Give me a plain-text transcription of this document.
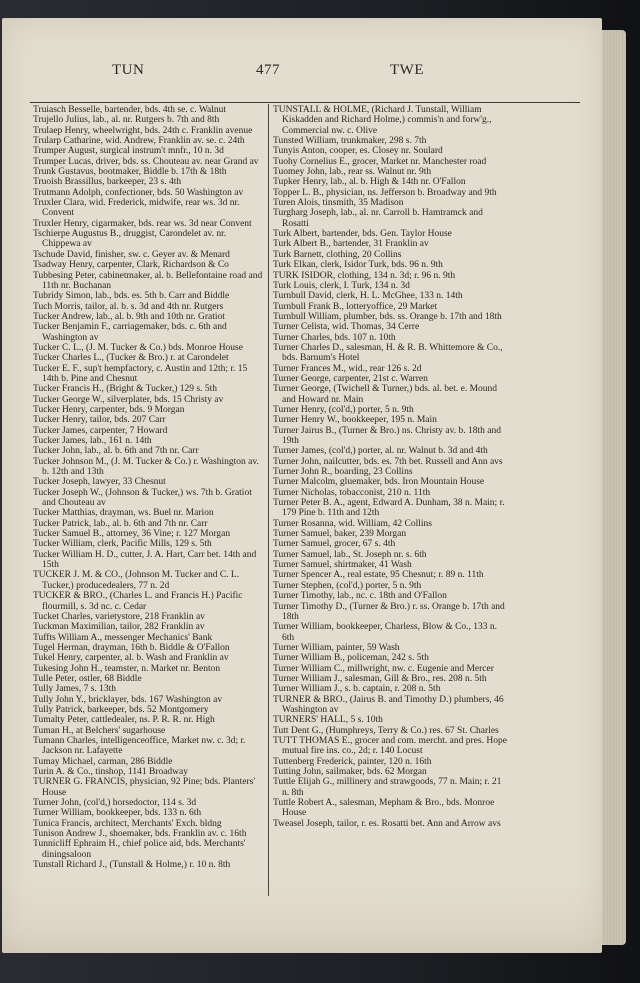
TUN	477	TWE
Truiasch Besselle, bartender, bds. 4th se. c. Walnut
Trujello Julius, lab., al. nr. Rutgers b. 7th and 8th
Trulaep Henry, wheelwright, bds. 24th c. Franklin avenue
Trularp Catharine, wid. Andrew, Franklin av. se. c. 24th
Trumper August, surgical instrum't mnfr., 10 n. 3d
Trumper Lucas, driver, bds. ss. Chouteau av. near Grand av
Trunk Gustavus, bootmaker, Biddle b. 17th & 18th
Truoish Brassillus, barkeeper, 23 s. 4th
Trutmann Adolph, confectioner, bds. 50 Washington av
Truxler Clara, wid. Frederick, midwife, rear ws. 3d nr. Convent
Truxler Henry, cigarmaker, bds. rear ws. 3d near Convent
Tschierpe Augustus B., druggist, Carondelet av. nr. Chippewa av
Tschude David, finisher, sw. c. Geyer av. & Menard
Tsadway Henry, carpenter, Clark, Richardson & Co
Tubbesing Peter, cabinetmaker, al. b. Bellefontaine road and 11th nr. Buchanan
Tubridy Simon, lab., bds. es. 5th b. Carr and Biddle
Tuch Morris, tailor, al. b. s. 3d and 4th nr. Rutgers
Tucker Andrew, lab., al. b. 9th and 10th nr. Gratiot
Tucker Benjamin F., carriagemaker, bds. c. 6th and Washington av
Tucker C. L., (J. M. Tucker & Co.) bds. Monroe House
Tucker Charles L., (Tucker & Bro.) r. at Carondelet
Tucker E. F., sup't hempfactory, c. Austin and 12th; r. 15 14th b. Pine and Chesnut
Tucker Francis H., (Bright & Tucker,) 129 s. 5th
Tucker George W., silverplater, bds. 15 Christy av
Tucker Henry, carpenter, bds. 9 Morgan
Tucker Henry, tailor, bds. 207 Carr
Tucker James, carpenter, 7 Howard
Tucker James, lab., 161 n. 14th
Tucker John, lab., al. b. 6th and 7th nr. Carr
Tucker Johnson M., (J. M. Tucker & Co.) r. Washington av. b. 12th and 13th
Tucker Joseph, lawyer, 33 Chesnut
Tucker Joseph W., (Johnson & Tucker,) ws. 7th b. Gratiot and Chouteau av
Tucker Matthias, drayman, ws. Buel nr. Marion
Tucker Patrick, lab., al. b. 6th and 7th nr. Carr
Tucker Samuel B., attorney, 36 Vine; r. 127 Morgan
Tucker William, clerk, Pacific Mills, 129 s. 5th
Tucker William H. D., cutter, J. A. Hart, Carr bet. 14th and 15th
TUCKER J. M. & CO., (Johnson M. Tucker and C. L. Tucker,) producedealers, 77 n. 2d
TUCKER & BRO., (Charles L. and Francis H.) Pacific flourmill, s. 3d nc. c. Cedar
Tucket Charles, varietystore, 218 Franklin av
Tuckman Maximilian, tailor, 282 Franklin av
Tuffts William A., messenger Mechanics' Bank
Tugel Herman, drayman, 16th b. Biddle & O'Fallon
Tukel Henry, carpenter, al. b. Wash and Franklin av
Tukesing John H., teamster, n. Market nr. Benton
Tulle Peter, ostler, 68 Biddle
Tully James, 7 s. 13th
Tully John Y., bricklayer, bds. 167 Washington av
Tully Patrick, barkeeper, bds. 52 Montgomery
Tumalty Peter, cattledealer, ns. P. R. R. nr. High
Tuman H., at Belchers' sugarhouse
Tumann Charles, intelligenceoffice, Market nw. c. 3d; r. Jackson nr. Lafayette
Tumay Michael, carman, 286 Biddle
Turin A. & Co., tinshop, 1141 Broadway
TURNER G. FRANCIS, physician, 92 Pine; bds. Planters' House
Turner John, (col'd,) horsedoctor, 114 s. 3d
Turner William, bookkeeper, bds. 133 n. 6th
Tunica Francis, architect, Merchants' Exch. bldng
Tunison Andrew J., shoemaker, bds. Franklin av. c. 16th
Tunnicliff Ephraim H., chief police aid, bds. Merchants' diningsaloon
Tunstall Richard J., (Tunstall & Holme,) r. 10 n. 8th
TUNSTALL & HOLME, (Richard J. Tunstall, William Kiskadden and Richard Holme,) commis'n and forw'g., Commercial nw. c. Olive
Tunsted William, trunkmaker, 298 s. 7th
Tunyis Anton, cooper, es. Closey nr. Soulard
Tuohy Cornelius E., grocer, Market nr. Manchester road
Tuomey John, lab., rear ss. Walnut nr. 9th
Tupker Henry, lab., al. b. High & 14th nr. O'Fallon
Topper L. B., physician, ns. Jefferson b. Broadway and 9th
Turen Alois, tinsmith, 35 Madison
Turgharg Joseph, lab., al. nr. Carroll b. Hamtramck and Rosatti
Turk Albert, bartender, bds. Gen. Taylor House
Turk Albert B., bartender, 31 Franklin av
Turk Barnett, clothing, 20 Collins
Turk Elkan, clerk, Isidor Turk, bds. 96 n. 9th
TURK ISIDOR, clothing, 134 n. 3d; r. 96 n. 9th
Turk Louis, clerk, I. Turk, 134 n. 3d
Turnbull David, clerk, H. L. McGhee, 133 n. 14th
Turnbull Frank B., lotteryoffice, 29 Market
Turnbull William, plumber, bds. ss. Orange b. 17th and 18th
Turner Celista, wid. Thomas, 34 Cerre
Turner Charles, bds. 107 n. 10th
Turner Charles D., salesman, H. & R. B. Whittemore & Co., bds. Barnum's Hotel
Turner Frances M., wid., rear 126 s. 2d
Turner George, carpenter, 21st c. Warren
Turner George, (Twichell & Turner,) bds. al. bet. e. Mound and Howard nr. Main
Turner Henry, (col'd,) porter, 5 n. 9th
Turner Henry W., bookkeeper, 195 n. Main
Turner Jairus B., (Turner & Bro.) ns. Christy av. b. 18th and 19th
Turner James, (col'd,) porter, al. nr. Walnut b. 3d and 4th
Turner John, nailcutter, bds. es. 7th bet. Russell and Ann avs
Turner John R., boarding, 23 Collins
Turner Malcolm, gluemaker, bds. Iron Mountain House
Turner Nicholas, tobacconist, 210 n. 11th
Turner Peter B. A., agent, Edward A. Dunham, 38 n. Main; r. 179 Pine b. 11th and 12th
Turner Rosanna, wid. William, 42 Collins
Turner Samuel, baker, 239 Morgan
Turner Samuel, grocer, 67 s. 4th
Turner Samuel, lab., St. Joseph nr. s. 6th
Turner Samuel, shirtmaker, 41 Wash
Turner Spencer A., real estate, 95 Chesnut; r. 89 n. 11th
Turner Stephen, (col'd,) porter, 5 n. 9th
Turner Timothy, lab., nc. c. 18th and O'Fallon
Turner Timothy D., (Turner & Bro.) r. ss. Orange b. 17th and 18th
Turner William, bookkeeper, Charless, Blow & Co., 133 n. 6th
Turner William, painter, 59 Wash
Turner William B., policeman, 242 s. 5th
Turner William C., millwright, nw. c. Eugenie and Mercer
Turner William J., salesman, Gill & Bro., res. 208 n. 5th
Turner William J., s. b. captain, r. 208 n. 5th
TURNER & BRO., (Jairus B. and Timothy D.) plumbers, 46 Washington av
TURNERS' HALL, 5 s. 10th
Tutt Dent G., (Humphreys, Terry & Co.) res. 67 St. Charles
TUTT THOMAS E., grocer and com. mercht. and pres. Hope mutual fire ins. co., 2d; r. 140 Locust
Tuttenberg Frederick, painter, 120 n. 16th
Tutting John, sailmaker, bds. 62 Morgan
Tuttle Elijah G., millinery and strawgoods, 77 n. Main; r. 21 n. 8th
Tuttle Robert A., salesman, Mepham & Bro., bds. Monroe House
Tweasel Joseph, tailor, r. es. Rosatti bet. Ann and Arrow avs
